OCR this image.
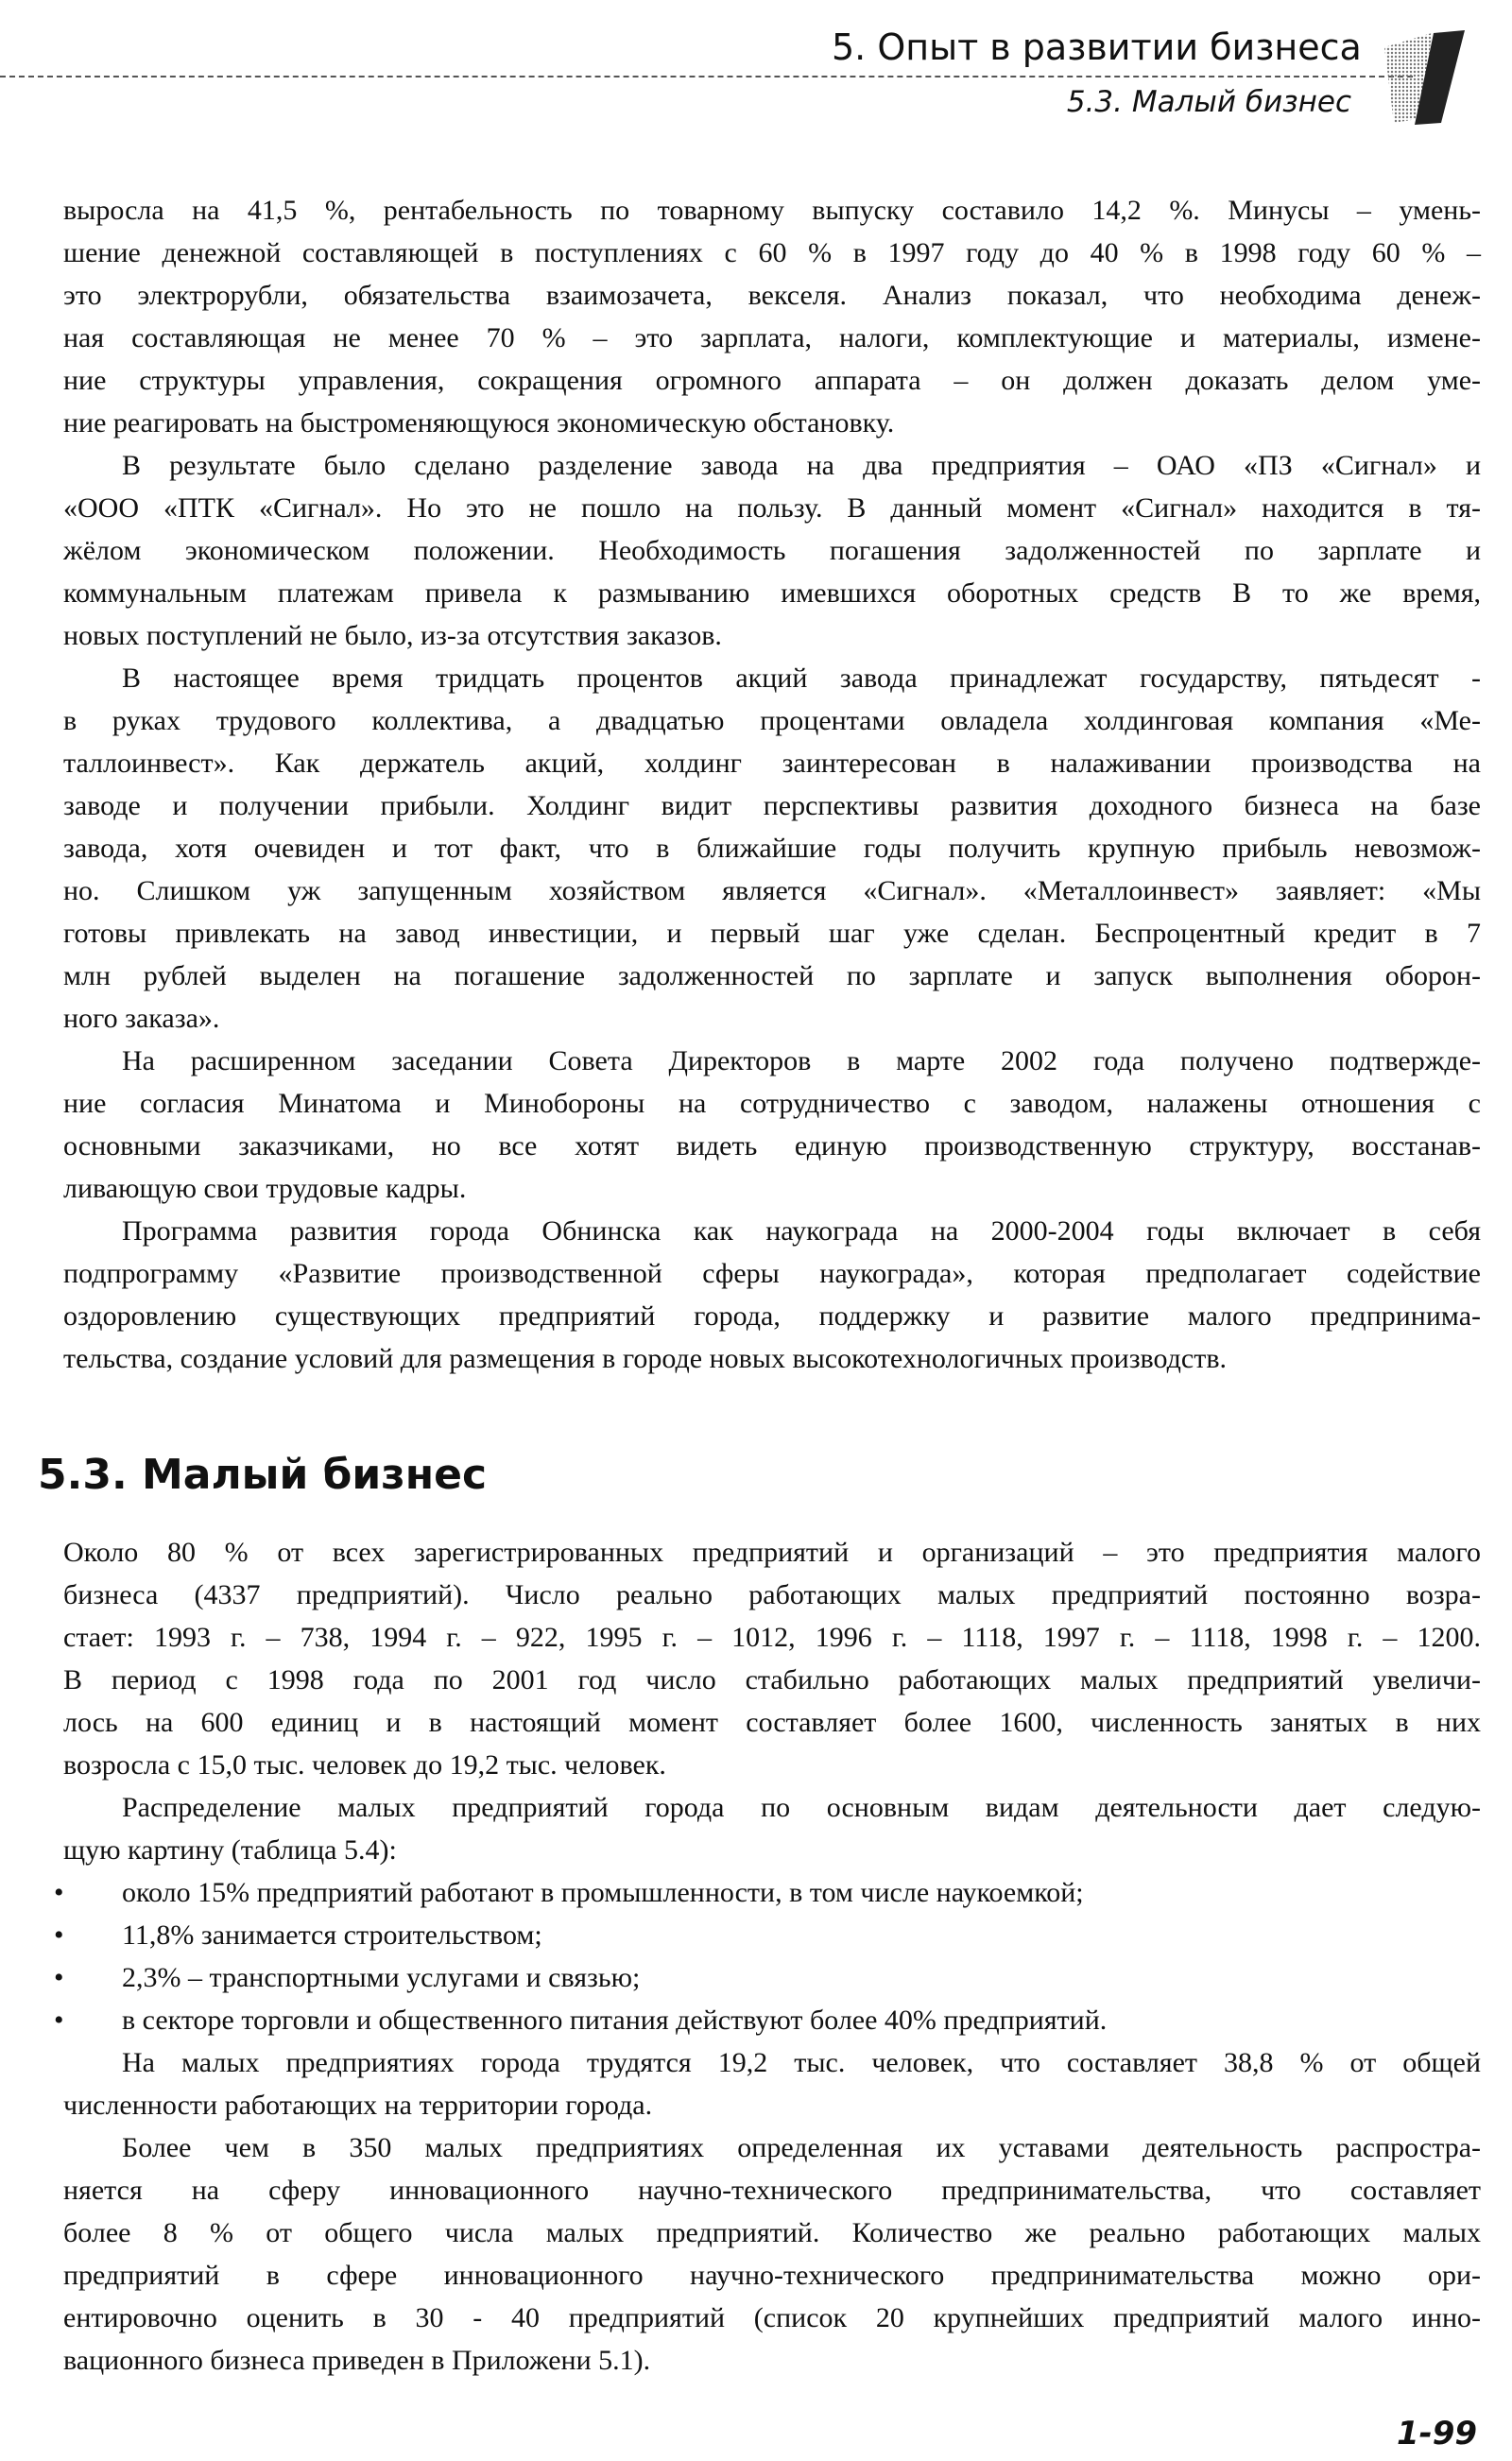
5. Опыт в развитии бизнеса
5.3. Малый бизнес
выросла на 41,5 %, рентабельность по товарному выпуску составило 14,2 %. Минусы – умень-
шение денежной составляющей в поступлениях с 60 % в 1997 году до 40 % в 1998 году 60 % –
это электрорубли, обязательства взаимозачета, векселя. Анализ показал, что необходима денеж-
ная составляющая не менее 70 % – это зарплата, налоги, комплектующие и материалы, измене-
ние структуры управления, сокращения огромного аппарата – он должен доказать делом уме-
ние реагировать на быстроменяющуюся экономическую обстановку.
В результате было сделано разделение завода на два предприятия – ОАО «ПЗ «Сигнал» и
«ООО «ПТК «Сигнал». Но это не пошло на пользу. В данный момент «Сигнал» находится в тя-
жёлом экономическом положении. Необходимость погашения задолженностей по зарплате и
коммунальным платежам привела к размыванию имевшихся оборотных средств В то же время,
новых поступлений не было, из-за отсутствия заказов.
В настоящее время тридцать процентов акций завода принадлежат государству, пятьдесят -
в руках трудового коллектива, а двадцатью процентами овладела холдинговая компания «Ме-
таллоинвест». Как держатель акций, холдинг заинтересован в налаживании производства на
заводе и получении прибыли. Холдинг видит перспективы развития доходного бизнеса на базе
завода, хотя очевиден и тот факт, что в ближайшие годы получить крупную прибыль невозмож-
но. Слишком уж запущенным хозяйством является «Сигнал». «Металлоинвест» заявляет: «Мы
готовы привлекать на завод инвестиции, и первый шаг уже сделан. Беспроцентный кредит в 7
млн рублей выделен на погашение задолженностей по зарплате и запуск выполнения оборон-
ного заказа».
На расширенном заседании Совета Директоров в марте 2002 года получено подтвержде-
ние согласия Минатома и Минобороны на сотрудничество с заводом, налажены отношения с
основными заказчиками, но все хотят видеть единую производственную структуру, восстанав-
ливающую свои трудовые кадры.
Программа развития города Обнинска как наукограда на 2000-2004 годы включает в себя
подпрограмму «Развитие производственной сферы наукограда», которая предполагает содействие
оздоровлению существующих предприятий города, поддержку и развитие малого предпринима-
тельства, создание условий для размещения в городе новых высокотехнологичных производств.
5.3. Малый бизнес
Около 80 % от всех зарегистрированных предприятий и организаций – это предприятия малого
бизнеса (4337 предприятий). Число реально работающих малых предприятий постоянно возра-
стает: 1993 г. – 738, 1994 г. – 922, 1995 г. – 1012, 1996 г. – 1118, 1997 г. – 1118, 1998 г. – 1200.
В период с 1998 года по 2001 год число стабильно работающих малых предприятий увеличи-
лось на 600 единиц и в настоящий момент составляет более 1600, численность занятых в них
возросла с 15,0 тыс. человек до 19,2 тыс. человек.
Распределение малых предприятий города по основным видам деятельности дает следую-
щую картину (таблица 5.4):
• около 15% предприятий работают в промышленности, в том числе наукоемкой;
• 11,8% занимается строительством;
• 2,3% – транспортными услугами и связью;
• в секторе торговли и общественного питания действуют более 40% предприятий.
На малых предприятиях города трудятся 19,2 тыс. человек, что составляет 38,8 % от общей
численности работающих на территории города.
Более чем в 350 малых предприятиях определенная их уставами деятельность распростра-
няется на сферу инновационного научно-технического предпринимательства, что составляет
более 8 % от общего числа малых предприятий. Количество же реально работающих малых
предприятий в сфере инновационного научно-технического предпринимательства можно ори-
ентировочно оценить в 30 - 40 предприятий (список 20 крупнейших предприятий малого инно-
вационного бизнеса приведен в Приложени 5.1).
1-99
